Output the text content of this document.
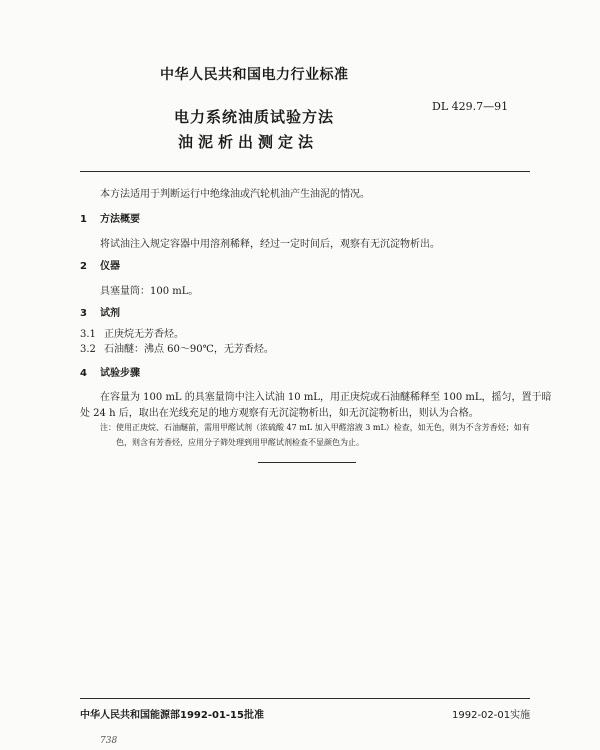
中华人民共和国电力行业标准
DL 429.7—91
电力系统油质试验方法
油泥析出测定法
本方法适用于判断运行中绝缘油或汽轮机油产生油泥的情况。
1 方法概要
将试油注入规定容器中用溶剂稀释，经过一定时间后，观察有无沉淀物析出。
2 仪器
具塞量筒：100 mL。
3 试剂
3.1 正庚烷无芳香烃。
3.2 石油醚：沸点 60～90℃，无芳香烃。
4 试验步骤
在容量为 100 mL 的具塞量筒中注入试油 10 mL，用正庚烷或石油醚稀释至 100 mL，摇匀，置于暗
处 24 h 后，取出在光线充足的地方观察有无沉淀物析出，如无沉淀物析出，则认为合格。
注：使用正庚烷、石油醚前，需用甲醛试剂（浓硫酸 47 mL 加入甲醛溶液 3 mL）检查，如无色，则为不含芳香烃；如有
色，则含有芳香烃，应用分子筛处理到用甲醛试剂检查不显颜色为止。
中华人民共和国能源部1992-01-15批准	1992-02-01实施
738
